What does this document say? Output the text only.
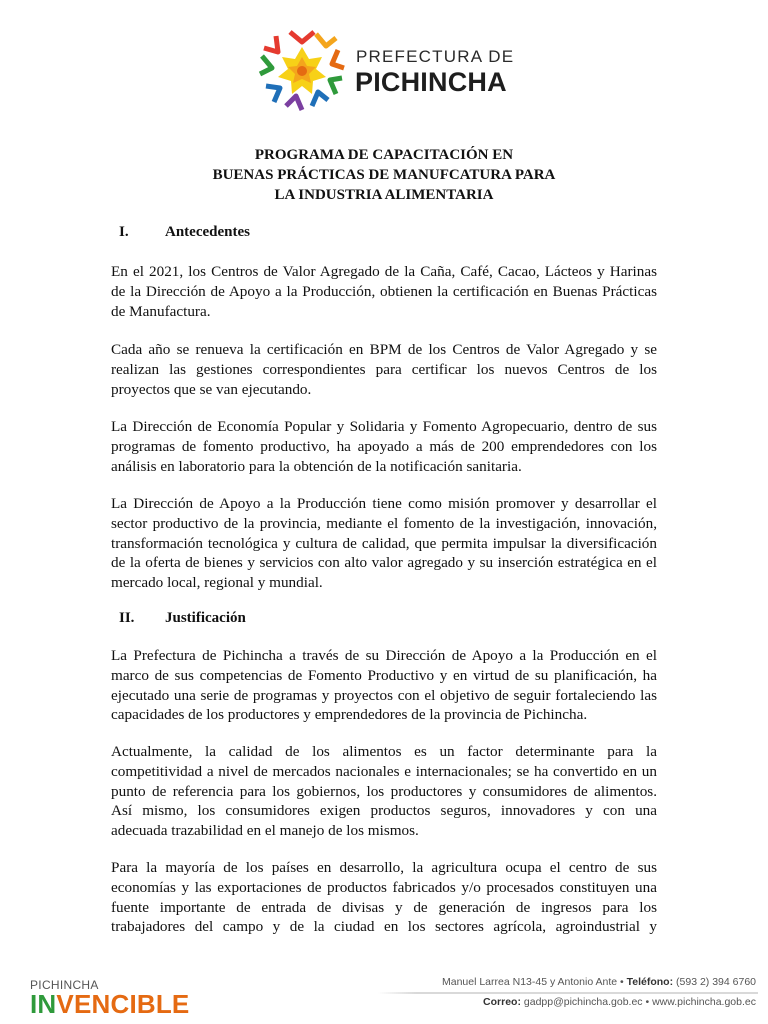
PREFECTURA DE
PICHINCHA
PROGRAMA DE CAPACITACIÓN EN
BUENAS PRÁCTICAS DE MANUFCATURA PARA
LA INDUSTRIA ALIMENTARIA
I. Antecedentes
En el 2021, los Centros de Valor Agregado de la Caña, Café, Cacao, Lácteos y Harinas
de la Dirección de Apoyo a la Producción, obtienen la certificación en Buenas Prácticas
de Manufactura.
Cada año se renueva la certificación en BPM de los Centros de Valor Agregado y se
realizan las gestiones correspondientes para certificar los nuevos Centros de los
proyectos que se van ejecutando.
La Dirección de Economía Popular y Solidaria y Fomento Agropecuario, dentro de sus
programas de fomento productivo, ha apoyado a más de 200 emprendedores con los
análisis en laboratorio para la obtención de la notificación sanitaria.
La Dirección de Apoyo a la Producción tiene como misión promover y desarrollar el
sector productivo de la provincia, mediante el fomento de la investigación, innovación,
transformación tecnológica y cultura de calidad, que permita impulsar la diversificación
de la oferta de bienes y servicios con alto valor agregado y su inserción estratégica en el
mercado local, regional y mundial.
II. Justificación
La Prefectura de Pichincha a través de su Dirección de Apoyo a la Producción en el
marco de sus competencias de Fomento Productivo y en virtud de su planificación, ha
ejecutado una serie de programas y proyectos con el objetivo de seguir fortaleciendo las
capacidades de los productores y emprendedores de la provincia de Pichincha.
Actualmente, la calidad de los alimentos es un factor determinante para la
competitividad a nivel de mercados nacionales e internacionales; se ha convertido en un
punto de referencia para los gobiernos, los productores y consumidores de alimentos.
Así mismo, los consumidores exigen productos seguros, innovadores y con una
adecuada trazabilidad en el manejo de los mismos.
Para la mayoría de los países en desarrollo, la agricultura ocupa el centro de sus
economías y las exportaciones de productos fabricados y/o procesados constituyen una
fuente importante de entrada de divisas y de generación de ingresos para los
trabajadores del campo y de la ciudad en los sectores agrícola, agroindustrial y
PICHINCHA
INVENCIBLE
Manuel Larrea N13-45 y Antonio Ante • Teléfono: (593 2) 394 6760
Correo: gadpp@pichincha.gob.ec • www.pichincha.gob.ec
